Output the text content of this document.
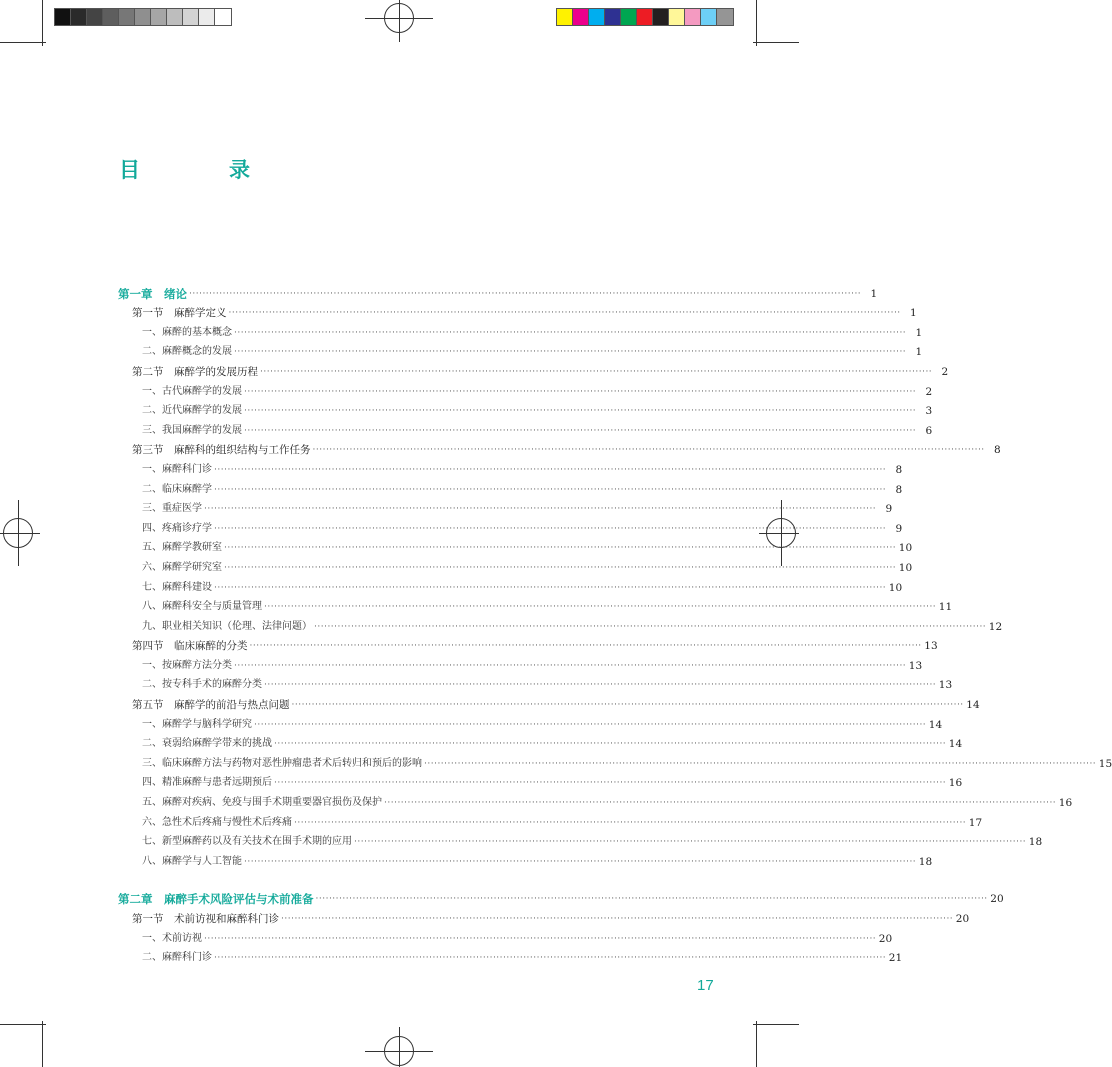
目　录
第一章　绪论 ········································································································································································································ 1
第一节　麻醉学定义 ········································································································································································································ 1
一、麻醉的基本概念 ········································································································································································································ 1
二、麻醉概念的发展 ········································································································································································································ 1
第二节　麻醉学的发展历程 ········································································································································································································ 2
一、古代麻醉学的发展 ········································································································································································································ 2
二、近代麻醉学的发展 ········································································································································································································ 3
三、我国麻醉学的发展 ········································································································································································································ 6
第三节　麻醉科的组织结构与工作任务 ········································································································································································································ 8
一、麻醉科门诊 ········································································································································································································ 8
二、临床麻醉学 ········································································································································································································ 8
三、重症医学 ········································································································································································································ 9
四、疼痛诊疗学 ········································································································································································································ 9
五、麻醉学教研室 ········································································································································································································ 10
六、麻醉学研究室 ········································································································································································································ 10
七、麻醉科建设 ········································································································································································································ 10
八、麻醉科安全与质量管理 ········································································································································································································ 11
九、职业相关知识（伦理、法律问题） ········································································································································································································ 12
第四节　临床麻醉的分类 ········································································································································································································ 13
一、按麻醉方法分类 ········································································································································································································ 13
二、按专科手术的麻醉分类 ········································································································································································································ 13
第五节　麻醉学的前沿与热点问题 ········································································································································································································ 14
一、麻醉学与脑科学研究 ········································································································································································································ 14
二、衰弱给麻醉学带来的挑战 ········································································································································································································ 14
三、临床麻醉方法与药物对恶性肿瘤患者术后转归和预后的影响 ········································································································································································································ 15
四、精准麻醉与患者远期预后 ········································································································································································································ 16
五、麻醉对疾病、免疫与围手术期重要器官损伤及保护 ········································································································································································································ 16
六、急性术后疼痛与慢性术后疼痛 ········································································································································································································ 17
七、新型麻醉药以及有关技术在围手术期的应用 ········································································································································································································ 18
八、麻醉学与人工智能 ········································································································································································································ 18
第二章　麻醉手术风险评估与术前准备 ········································································································································································································ 20
第一节　术前访视和麻醉科门诊 ········································································································································································································ 20
一、术前访视 ········································································································································································································ 20
二、麻醉科门诊 ········································································································································································································ 21
17
